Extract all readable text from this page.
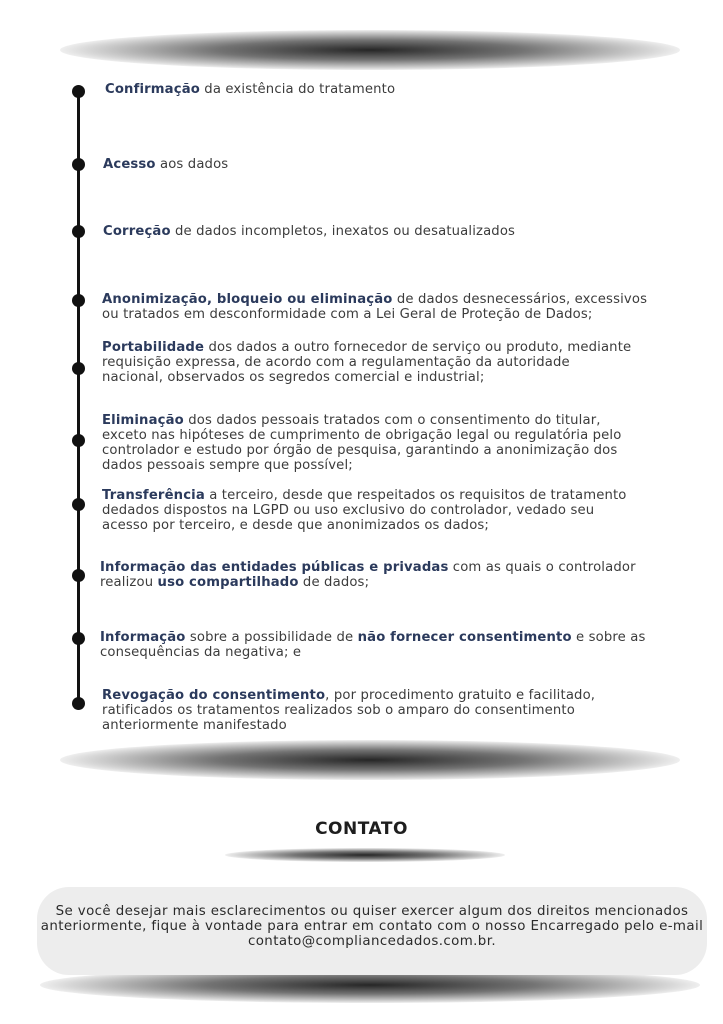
Confirmação da existência do tratamento
Acesso aos dados
Correção de dados incompletos, inexatos ou desatualizados
Anonimização, bloqueio ou eliminação de dados desnecessários, excessivos
ou tratados em desconformidade com a Lei Geral de Proteção de Dados;
Portabilidade dos dados a outro fornecedor de serviço ou produto, mediante
requisição expressa, de acordo com a regulamentação da autoridade
nacional, observados os segredos comercial e industrial;
Eliminação dos dados pessoais tratados com o consentimento do titular,
exceto nas hipóteses de cumprimento de obrigação legal ou regulatória pelo
controlador e estudo por órgão de pesquisa, garantindo a anonimização dos
dados pessoais sempre que possível;
Transferência a terceiro, desde que respeitados os requisitos de tratamento
dedados dispostos na LGPD ou uso exclusivo do controlador, vedado seu
acesso por terceiro, e desde que anonimizados os dados;
Informação das entidades públicas e privadas com as quais o controlador
realizou uso compartilhado de dados;
Informação sobre a possibilidade de não fornecer consentimento e sobre as
consequências da negativa; e
Revogação do consentimento, por procedimento gratuito e facilitado,
ratificados os tratamentos realizados sob o amparo do consentimento
anteriormente manifestado
CONTATO
Se você desejar mais esclarecimentos ou quiser exercer algum dos direitos mencionados anteriormente, fique à vontade para entrar em contato com o nosso Encarregado pelo e-mail contato@compliancedados.com.br.
